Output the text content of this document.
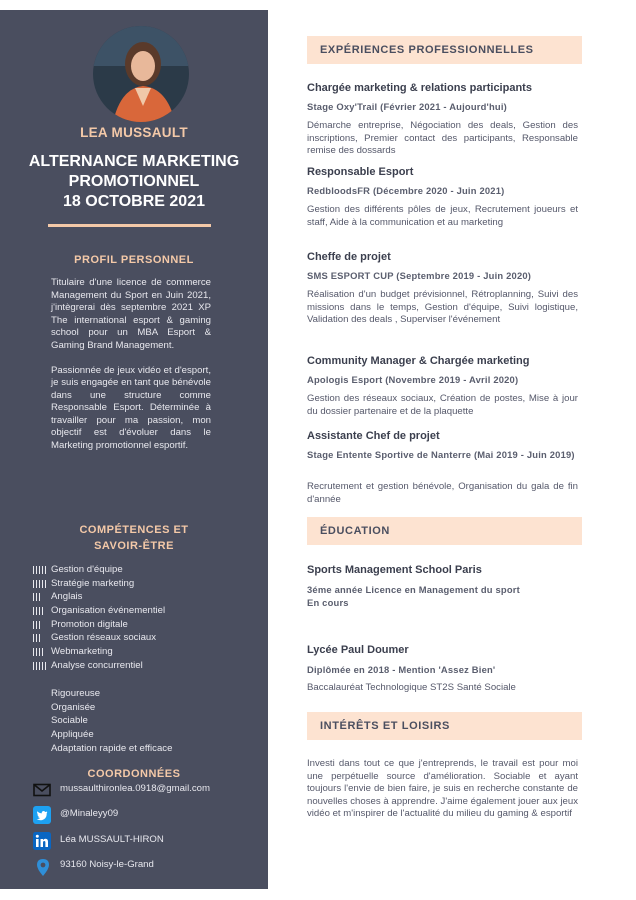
LEA MUSSAULT
ALTERNANCE MARKETING
PROMOTIONNEL
18 OCTOBRE 2021
PROFIL PERSONNEL

Titulaire d'une licence de commerce Management du Sport en Juin 2021, j'intègrerai dès septembre 2021 XP The international esport & gaming school pour un MBA Esport & Gaming Brand Management.

Passionnée de jeux vidéo et d'esport, je suis engagée en tant que bénévole dans une structure comme Responsable Esport. Déterminée à travailler pour ma passion, mon objectif est d'évoluer dans le Marketing promotionnel esportif.

COMPÉTENCES ET
SAVOIR-ÊTRE
Gestion d'équipe
Stratégie marketing
Anglais
Organisation événementiel
Promotion digitale
Gestion réseaux sociaux
Webmarketing
Analyse concurrentiel
Rigoureuse
Organisée
Sociable
Appliquée
Adaptation rapide et efficace
COORDONNÉES
mussaulthironlea.0918@gmail.com
@Minaleyy09
Léa MUSSAULT-HIRON
93160 Noisy-le-Grand
EXPÉRIENCES PROFESSIONNELLES
Chargée marketing & relations participants
Stage Oxy'Trail (Février 2021 - Aujourd'hui)
Démarche entreprise, Négociation des deals, Gestion des inscriptions, Premier contact des participants, Responsable remise des dossards
Responsable Esport
RedbloodsFR (Décembre 2020 - Juin 2021)
Gestion des différents pôles de jeux, Recrutement joueurs et staff, Aide à la communication et au marketing
Cheffe de projet
SMS ESPORT CUP (Septembre 2019 - Juin 2020)
Réalisation d'un budget prévisionnel, Rétroplanning, Suivi des missions dans le temps, Gestion d'équipe, Suivi logistique, Validation des deals , Superviser l'événement
Community Manager & Chargée marketing
Apologis Esport (Novembre 2019 - Avril 2020)
Gestion des réseaux sociaux, Création de postes, Mise à jour du dossier partenaire et de la plaquette
Assistante Chef de projet
Stage Entente Sportive de Nanterre (Mai 2019 - Juin 2019)
Recrutement et gestion bénévole, Organisation du gala de fin d'année
ÉDUCATION
Sports Management School Paris
3éme année Licence en Management du sport
En cours
Lycée Paul Doumer
Diplômée en 2018 - Mention 'Assez Bien'
Baccalauréat Technologique ST2S Santé Sociale
INTÉRÊTS ET LOISIRS
Investi dans tout ce que j'entreprends, le travail est pour moi une perpétuelle source d'amélioration. Sociable et ayant toujours l'envie de bien faire, je suis en recherche constante de nouvelles choses à apprendre. J'aime également jouer aux jeux vidéo et m'inspirer de l'actualité du milieu du gaming & esportif
